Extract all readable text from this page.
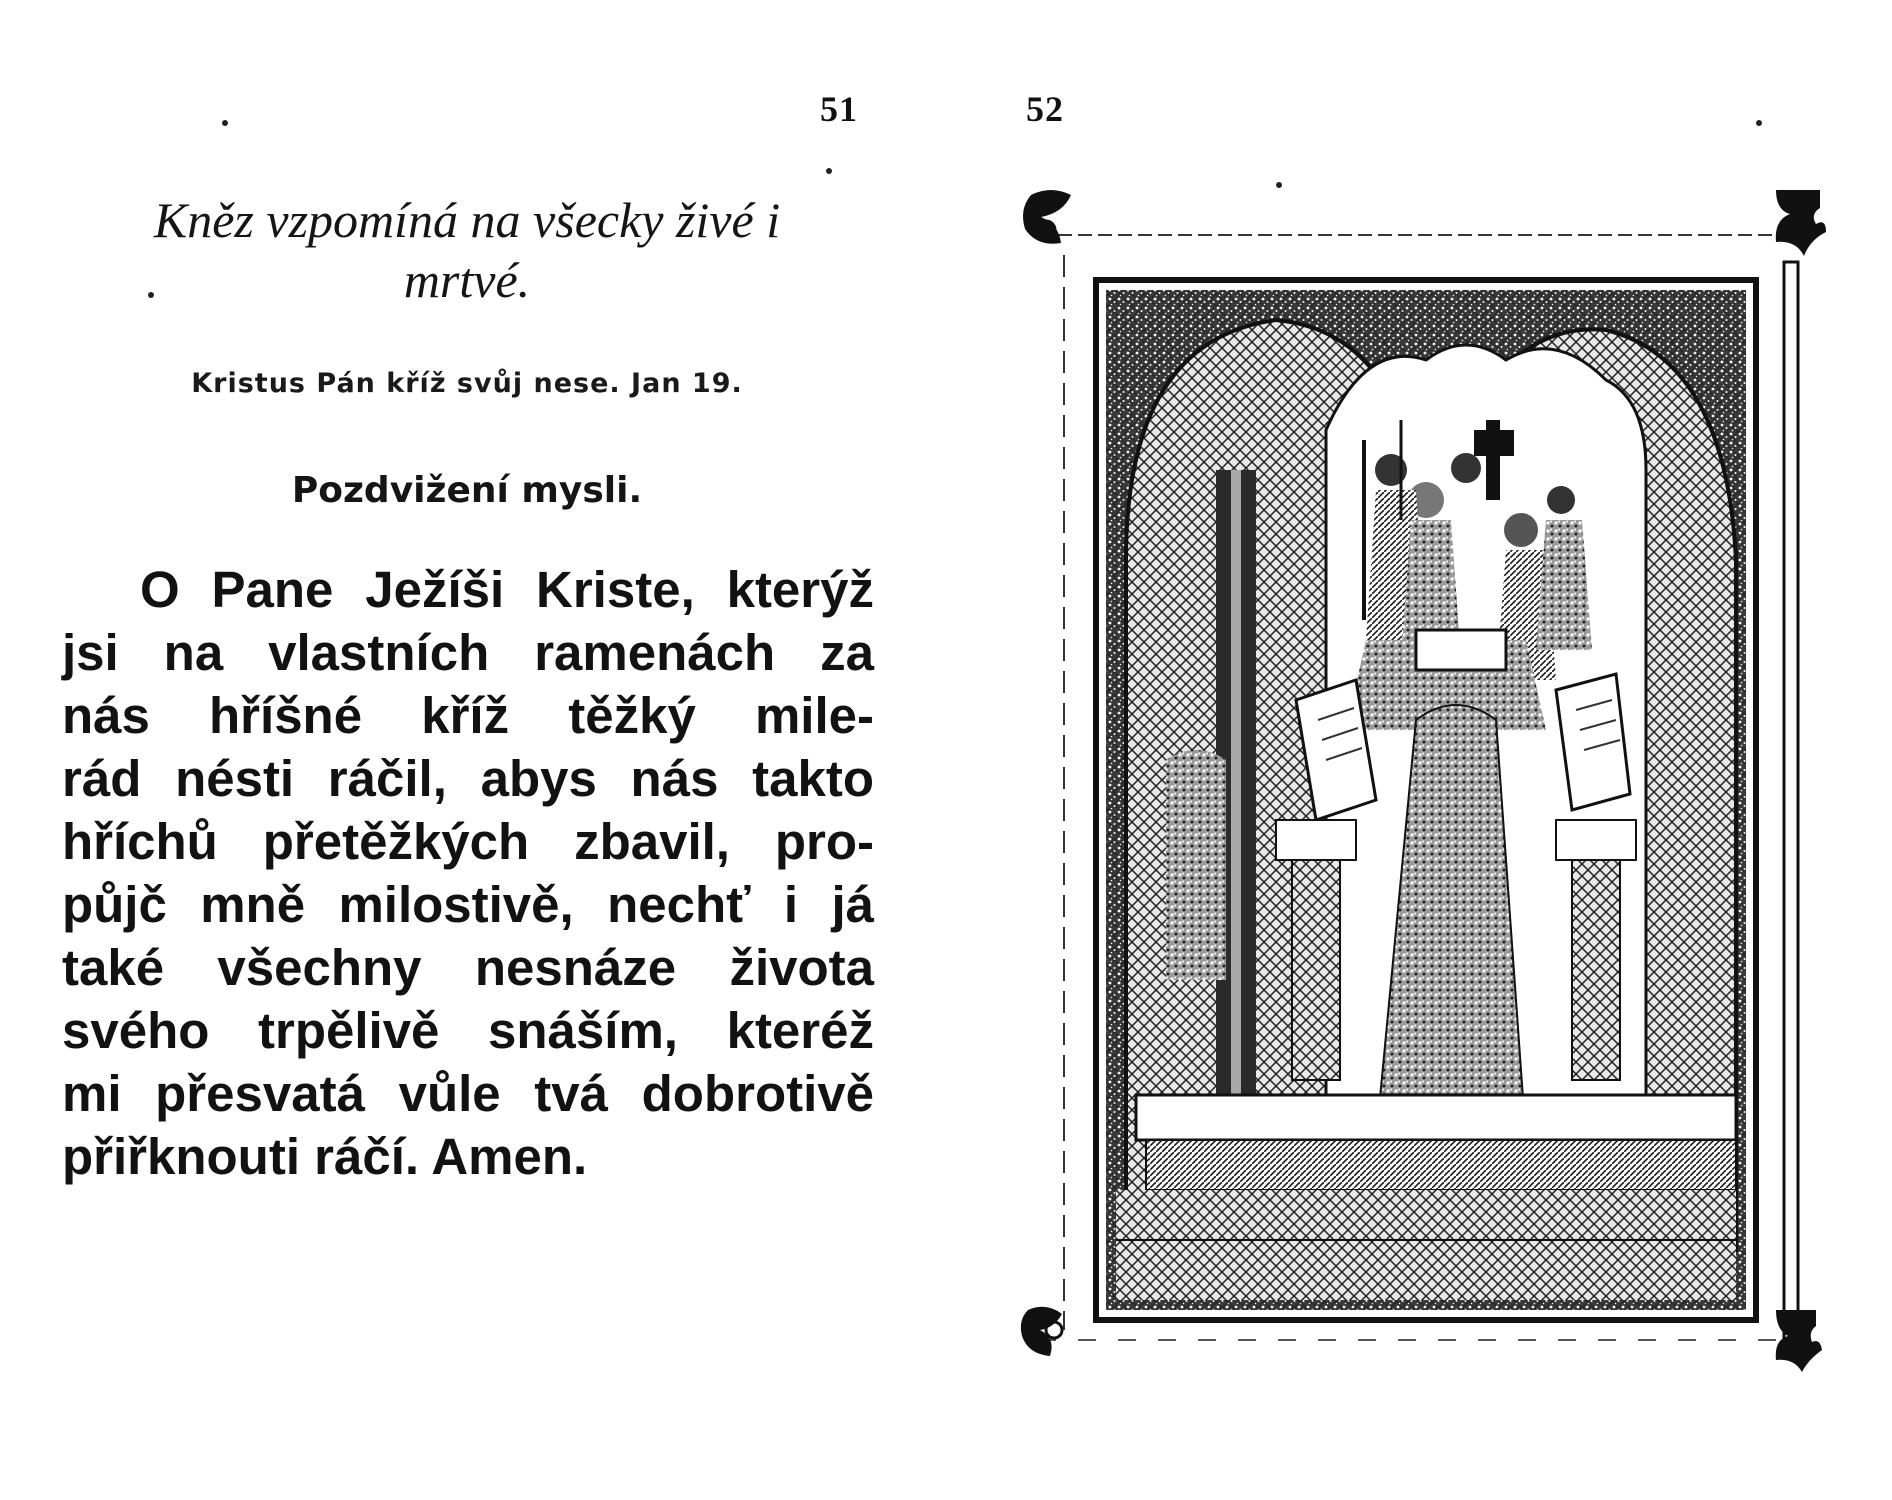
51
Kněz vzpomíná na všecky živé i
mrtvé.
Kristus Pán kříž svůj nese. Jan 19.
Pozdvižení mysli.
O Pane Ježíši Kriste, kterýž
jsi na vlastních ramenách za
nás hříšné kříž těžký mile-
rád nésti ráčil, abys nás takto
hříchů přetěžkých zbavil, pro-
půjč mně milostivě, nechť i já
také všechny nesnáze života
svého trpělivě snáším, kteréž
mi přesvatá vůle tvá dobrotivě
přiřknouti ráčí. Amen.
52
